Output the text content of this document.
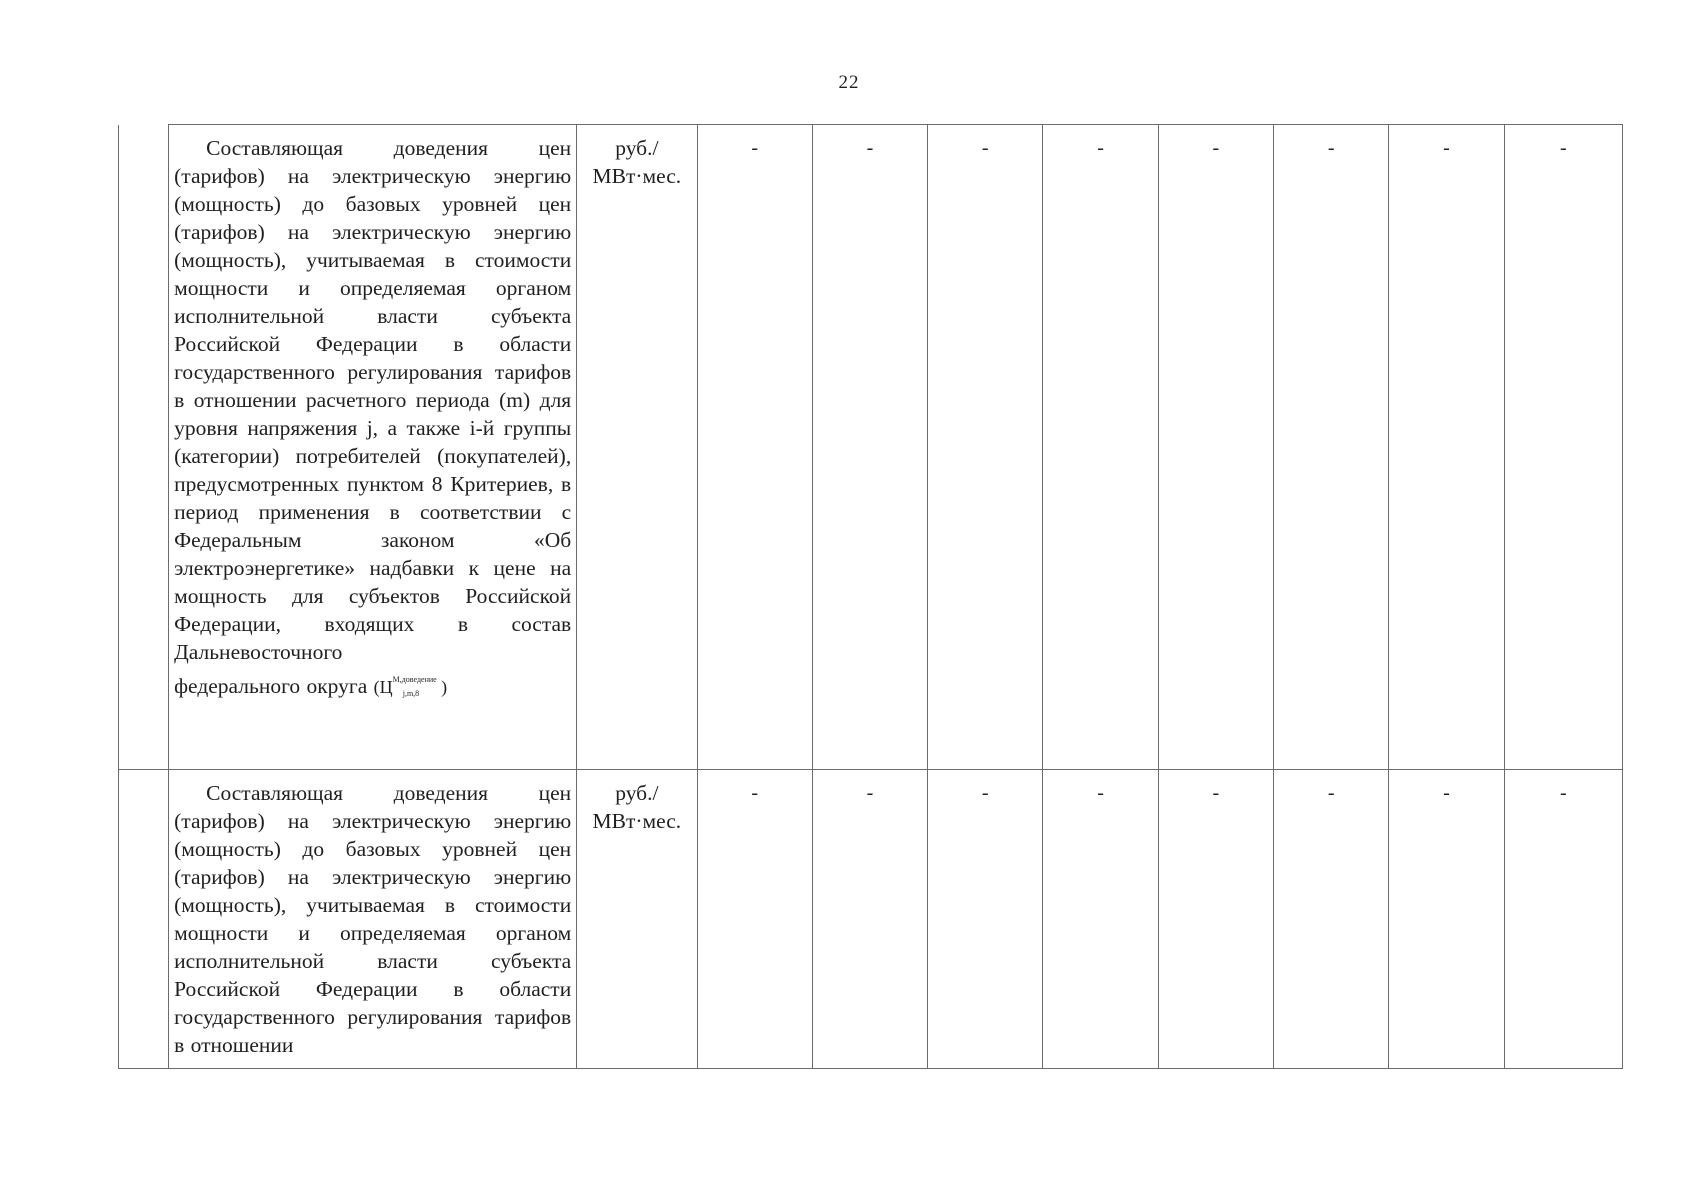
22

	Составляющая доведения цен (тарифов) на электрическую энергию (мощность) до базовых уровней цен (тарифов) на электрическую энергию (мощность), учитываемая в стоимости мощности и определяемая органом исполнительной власти субъекта Российской Федерации в области государственного регулирования тарифов в отношении расчетного периода (m) для уровня напряжения j, а также i-й группы (категории) потребителей (покупателей), предусмотренных пунктом 8 Критериев, в период применения в соответствии с Федеральным законом «Об электроэнергетике» надбавки к цене на мощность для субъектов Российской Федерации, входящих в состав Дальневосточного
федерального округа ($Ц^{М,доведение}_{j,m,8}$ )	руб./ МВт·мес.	-	-	-	-	-	-	-	-

	Составляющая доведения цен (тарифов) на электрическую энергию (мощность) до базовых уровней цен (тарифов) на электрическую энергию (мощность), учитываемая в стоимости мощности и определяемая органом исполнительной власти субъекта Российской Федерации в области государственного регулирования тарифов в отношении	руб./ МВт·мес.	-	-	-	-	-	-	-	-
